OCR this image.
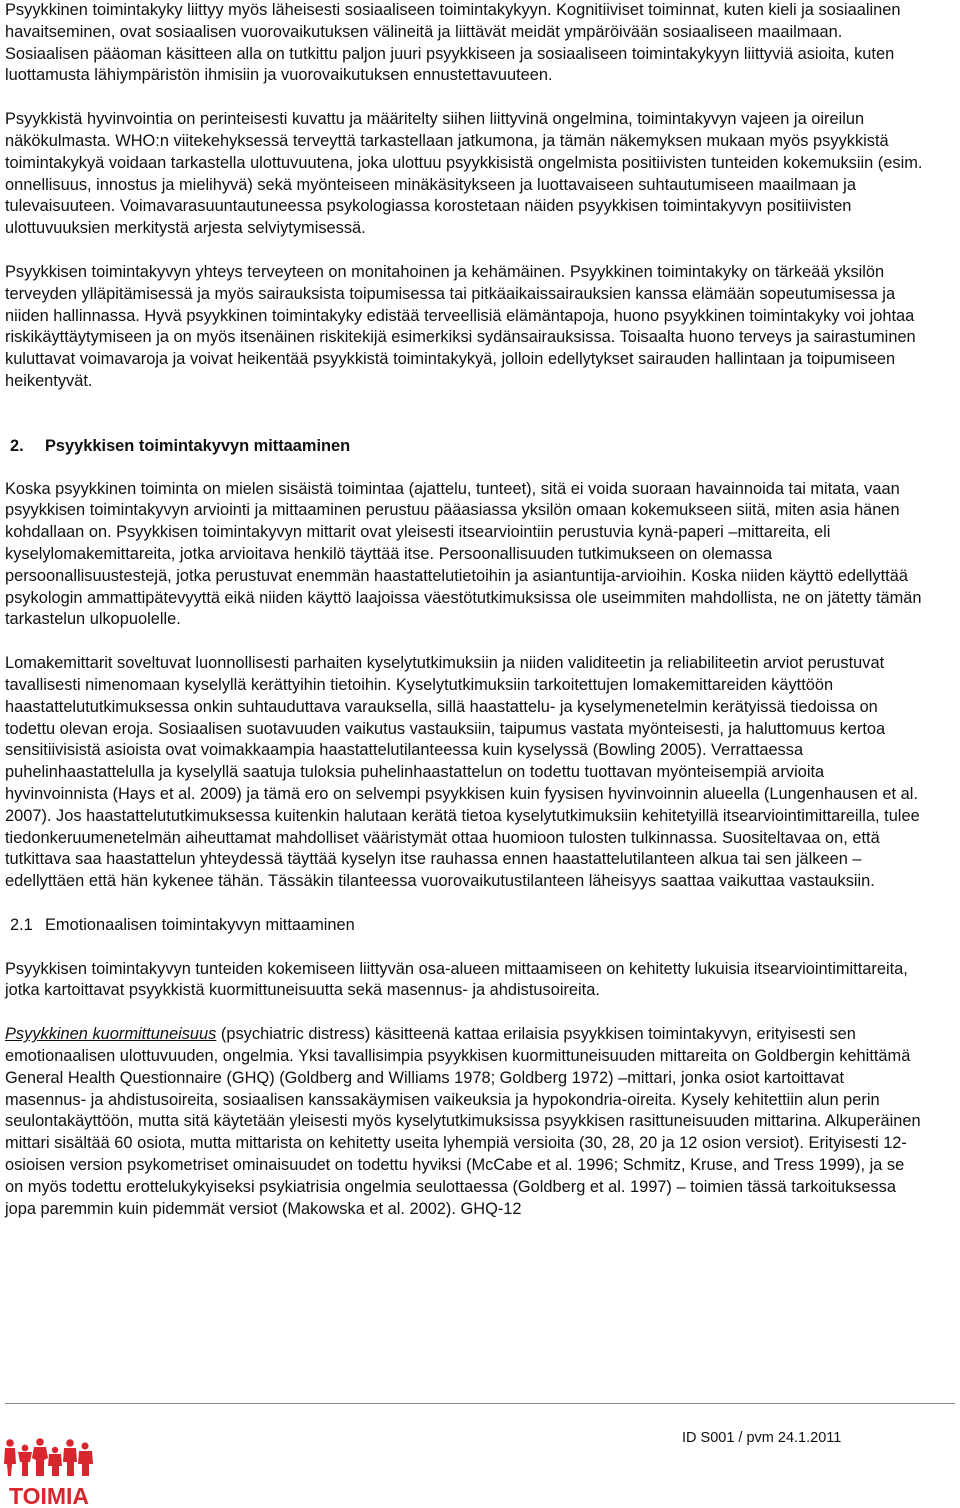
Psyykkinen toimintakyky liittyy myös läheisesti sosiaaliseen toimintakykyyn. Kognitiiviset toiminnat, kuten kieli ja sosiaalinen havaitseminen, ovat sosiaalisen vuorovaikutuksen välineitä ja liittävät meidät ympäröivään sosiaaliseen maailmaan. Sosiaalisen pääoman käsitteen alla on tutkittu paljon juuri psyykkiseen ja sosiaaliseen toimintakykyyn liittyviä asioita, kuten luottamusta lähiympäristön ihmisiin ja vuorovaikutuksen ennustettavuuteen.

Psyykkistä hyvinvointia on perinteisesti kuvattu ja määritelty siihen liittyvinä ongelmina, toimintakyvyn vajeen ja oireilun näkökulmasta. WHO:n viitekehyksessä terveyttä tarkastellaan jatkumona, ja tämän näkemyksen mukaan myös psyykkistä toimintakykyä voidaan tarkastella ulottuvuutena, joka ulottuu psyykkisistä ongelmista positiivisten tunteiden kokemuksiin (esim. onnellisuus, innostus ja mielihyvä) sekä myönteiseen minäkäsitykseen ja luottavaiseen suhtautumiseen maailmaan ja tulevaisuuteen. Voimavarasuuntautuneessa psykologiassa korostetaan näiden psyykkisen toimintakyvyn positiivisten ulottuvuuksien merkitystä arjesta selviytymisessä.

Psyykkisen toimintakyvyn yhteys terveyteen on monitahoinen ja kehämäinen. Psyykkinen toimintakyky on tärkeää yksilön terveyden ylläpitämisessä ja myös sairauksista toipumisessa tai pitkäaikaissairauksien kanssa elämään sopeutumisessa ja niiden hallinnassa. Hyvä psyykkinen toimintakyky edistää terveellisiä elämäntapoja, huono psyykkinen toimintakyky voi johtaa riskikäyttäytymiseen ja on myös itsenäinen riskitekijä esimerkiksi sydänsairauksissa. Toisaalta huono terveys ja sairastuminen kuluttavat voimavaroja ja voivat heikentää psyykkistä toimintakykyä, jolloin edellytykset sairauden hallintaan ja toipumiseen heikentyvät.

2. Psyykkisen toimintakyvyn mittaaminen

Koska psyykkinen toiminta on mielen sisäistä toimintaa (ajattelu, tunteet), sitä ei voida suoraan havainnoida tai mitata, vaan psyykkisen toimintakyvyn arviointi ja mittaaminen perustuu pääasiassa yksilön omaan kokemukseen siitä, miten asia hänen kohdallaan on. Psyykkisen toimintakyvyn mittarit ovat yleisesti itsearviointiin perustuvia kynä-paperi –mittareita, eli kyselylomakemittareita, jotka arvioitava henkilö täyttää itse. Persoonallisuuden tutkimukseen on olemassa persoonallisuustestejä, jotka perustuvat enemmän haastattelutietoihin ja asiantuntija-arvioihin. Koska niiden käyttö edellyttää psykologin ammattipätevyyttä eikä niiden käyttö laajoissa väestötutkimuksissa ole useimmiten mahdollista, ne on jätetty tämän tarkastelun ulkopuolelle.

Lomakemittarit soveltuvat luonnollisesti parhaiten kyselytutkimuksiin ja niiden validiteetin ja reliabiliteetin arviot perustuvat tavallisesti nimenomaan kyselyllä kerättyihin tietoihin. Kyselytutkimuksiin tarkoitettujen lomakemittareiden käyttöön haastattelututkimuksessa onkin suhtauduttava varauksella, sillä haastattelu- ja kyselymenetelmin kerätyissä tiedoissa on todettu olevan eroja. Sosiaalisen suotavuuden vaikutus vastauksiin, taipumus vastata myönteisesti, ja haluttomuus kertoa sensitiivisistä asioista ovat voimakkaampia haastattelutilanteessa kuin kyselyssä (Bowling 2005). Verrattaessa puhelinhaastattelulla ja kyselyllä saatuja tuloksia puhelinhaastattelun on todettu tuottavan myönteisempiä arvioita hyvinvoinnista (Hays et al. 2009) ja tämä ero on selvempi psyykkisen kuin fyysisen hyvinvoinnin alueella (Lungenhausen et al. 2007). Jos haastattelututkimuksessa kuitenkin halutaan kerätä tietoa kyselytutkimuksiin kehitetyillä itsearviointimittareilla, tulee tiedonkeruumenetelmän aiheuttamat mahdolliset vääristymät ottaa huomioon tulosten tulkinnassa. Suositeltavaa on, että tutkittava saa haastattelun yhteydessä täyttää kyselyn itse rauhassa ennen haastattelutilanteen alkua tai sen jälkeen – edellyttäen että hän kykenee tähän. Tässäkin tilanteessa vuorovaikutustilanteen läheisyys saattaa vaikuttaa vastauksiin.

2.1 Emotionaalisen toimintakyvyn mittaaminen

Psyykkisen toimintakyvyn tunteiden kokemiseen liittyvän osa-alueen mittaamiseen on kehitetty lukuisia itsearviointimittareita, jotka kartoittavat psyykkistä kuormittuneisuutta sekä masennus- ja ahdistusoireita.

Psyykkinen kuormittuneisuus (psychiatric distress) käsitteenä kattaa erilaisia psyykkisen toimintakyvyn, erityisesti sen emotionaalisen ulottuvuuden, ongelmia. Yksi tavallisimpia psyykkisen kuormittuneisuuden mittareita on Goldbergin kehittämä General Health Questionnaire (GHQ) (Goldberg and Williams 1978; Goldberg 1972) –mittari, jonka osiot kartoittavat masennus- ja ahdistusoireita, sosiaalisen kanssakäymisen vaikeuksia ja hypokondria-oireita. Kysely kehitettiin alun perin seulontakäyttöön, mutta sitä käytetään yleisesti myös kyselytutkimuksissa psyykkisen rasittuneisuuden mittarina. Alkuperäinen mittari sisältää 60 osiota, mutta mittarista on kehitetty useita lyhempiä versioita (30, 28, 20 ja 12 osion versiot). Erityisesti 12-osioisen version psykometriset ominaisuudet on todettu hyviksi (McCabe et al. 1996; Schmitz, Kruse, and Tress 1999), ja se on myös todettu erottelukykyiseksi psykiatrisia ongelmia seulottaessa (Goldberg et al. 1997) – toimien tässä tarkoituksessa jopa paremmin kuin pidemmät versiot (Makowska et al. 2002). GHQ-12

ID S001 / pvm 24.1.2011
TOIMIA
